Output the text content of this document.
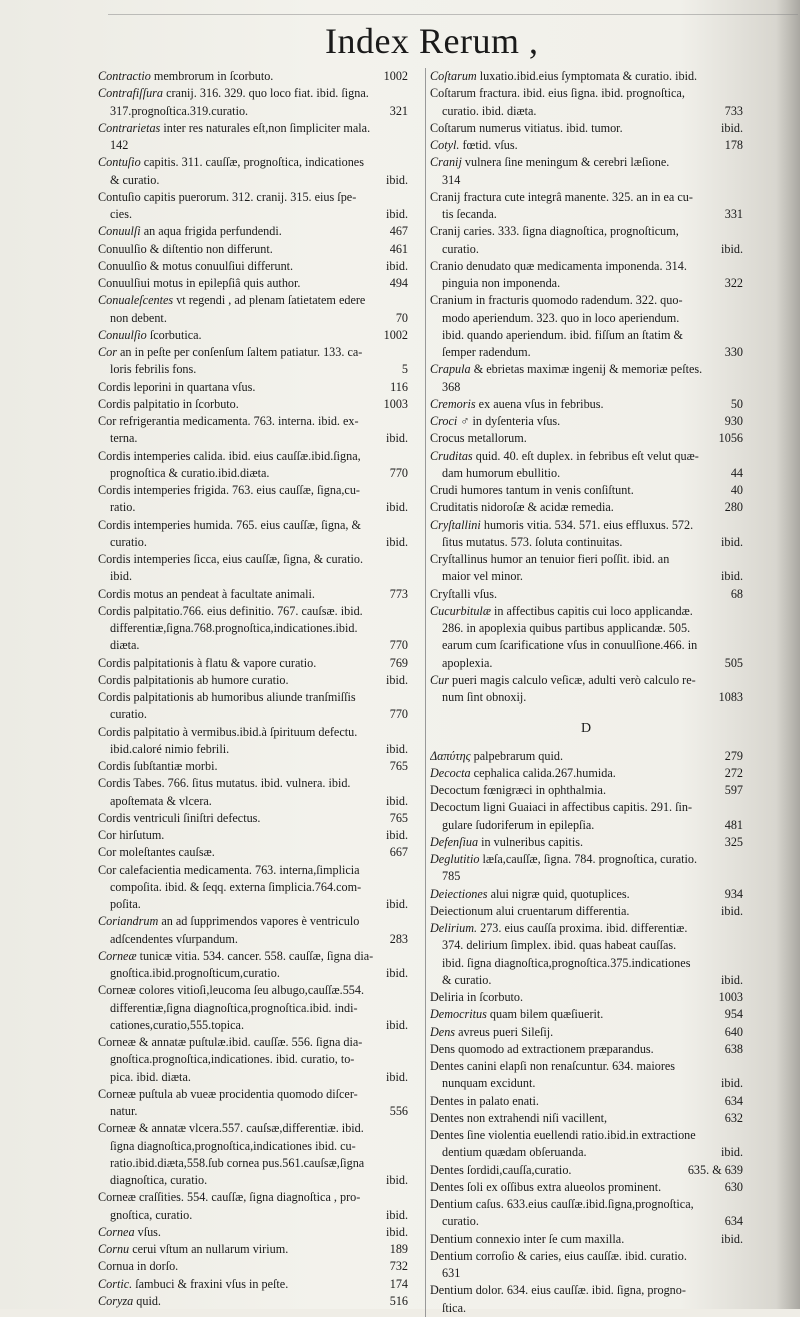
Index Rerum ,
1002
Contractio membrorum in ſcorbuto.
Contrafiſſura cranij. 316. 329. quo loco fiat. ibid. ſigna.
321
317.prognoſtica.319.curatio.
Contrarietas inter res naturales eſt,non ſimpliciter mala.
142
Contuſio capitis. 311. cauſſæ, prognoſtica, indicationes
ibid.
& curatio.
Contuſio capitis puerorum. 312. cranij. 315. eius ſpe-
ibid.
cies.
467
Conuulſi an aqua frigida perfundendi.
461
Conuulſio & diſtentio non differunt.
ibid.
Conuulſio & motus conuulſiui differunt.
494
Conuulſiui motus in epilepſiâ quis author.
Conualeſcentes vt regendi , ad plenam ſatietatem edere
70
non debent.
1002
Conuulſio ſcorbutica.
Cor an in peſte per conſenſum ſaltem patiatur. 133. ca-
5
loris febrilis fons.
116
Cordis leporini in quartana vſus.
1003
Cordis palpitatio in ſcorbuto.
Cor refrigerantia medicamenta. 763. interna. ibid. ex-
ibid.
terna.
Cordis intemperies calida. ibid. eius cauſſæ.ibid.ſigna,
770
prognoſtica & curatio.ibid.diæta.
Cordis intemperies frigida. 763. eius cauſſæ, ſigna,cu-
ibid.
ratio.
Cordis intemperies humida. 765. eius cauſſæ, ſigna, &
ibid.
curatio.
Cordis intemperies ſicca, eius cauſſæ, ſigna, & curatio.
ibid.
773
Cordis motus an pendeat à facultate animali.
Cordis palpitatio.766. eius definitio. 767. cauſsæ. ibid.
differentiæ,ſigna.768.prognoſtica,indicationes.ibid.
770
diæta.
769
Cordis palpitationis à flatu & vapore curatio.
ibid.
Cordis palpitationis ab humore curatio.
Cordis palpitationis ab humoribus aliunde tranſmiſſis
770
curatio.
Cordis palpitatio à vermibus.ibid.à ſpirituum defectu.
ibid.
ibid.caloré nimio febrili.
765
Cordis ſubſtantiæ morbi.
Cordis Tabes. 766. ſitus mutatus. ibid. vulnera. ibid.
ibid.
apoſtemata & vlcera.
765
Cordis ventriculi ſiniſtri defectus.
ibid.
Cor hirſutum.
667
Cor moleſtantes cauſsæ.
Cor calefacientia medicamenta. 763. interna,ſimplicia
compoſita. ibid. & ſeqq. externa ſimplicia.764.com-
ibid.
poſita.
Coriandrum an ad ſupprimendos vapores è ventriculo
283
adſcendentes vſurpandum.
Corneæ tunicæ vitia. 534. cancer. 558. cauſſæ, ſigna dia-
ibid.
gnoſtica.ibid.prognoſticum,curatio.
Corneæ colores vitioſi,leucoma ſeu albugo,cauſſæ.554.
differentiæ,ſigna diagnoſtica,prognoſtica.ibid. indi-
ibid.
cationes,curatio,555.topica.
Corneæ & annatæ puſtulæ.ibid. cauſſæ. 556. ſigna dia-
gnoſtica.prognoſtica,indicationes. ibid. curatio, to-
ibid.
pica. ibid. diæta.
Corneæ puſtula ab vueæ procidentia quomodo diſcer-
556
natur.
Corneæ & annatæ vlcera.557. cauſsæ,differentiæ. ibid.
ſigna diagnoſtica,prognoſtica,indicationes ibid. cu-
ratio.ibid.diæta,558.ſub cornea pus.561.cauſsæ,ſigna
ibid.
diagnoſtica, curatio.
Corneæ craſſities. 554. cauſſæ, ſigna diagnoſtica , pro-
ibid.
gnoſtica, curatio.
ibid.
Cornea vſus.
189
Cornu cerui vſtum an nullarum virium.
732
Cornua in dorſo.
174
Cortic. ſambuci & fraxini vſus in peſte.
516
Coryza quid.
Coſtarum luxatio.ibid.eius ſymptomata & curatio. ibid.
Coſtarum fractura. ibid. eius ſigna. ibid. prognoſtica,
733
curatio. ibid. diæta.
ibid.
Coſtarum numerus vitiatus. ibid. tumor.
178
Cotyl. fœtid. vſus.
Cranij vulnera ſine meningum & cerebri læſione.
314
Cranij fractura cute integrâ manente. 325. an in ea cu-
331
tis ſecanda.
Cranij caries. 333. ſigna diagnoſtica, prognoſticum,
ibid.
curatio.
Cranio denudato quæ medicamenta imponenda. 314.
322
pinguia non imponenda.
Cranium in fracturis quomodo radendum. 322. quo-
modo aperiendum. 323. quo in loco aperiendum.
ibid. quando aperiendum. ibid. fiſſum an ſtatim &
330
ſemper radendum.
Crapula & ebrietas maximæ ingenij & memoriæ peſtes.
368
50
Cremoris ex auena vſus in febribus.
930
Croci ♂ in dyſenteria vſus.
1056
Crocus metallorum.
Cruditas quid. 40. eſt duplex. in febribus eſt velut quæ-
44
dam humorum ebullitio.
40
Crudi humores tantum in venis conſiſtunt.
280
Cruditatis nidoroſæ & acidæ remedia.
Cryſtallini humoris vitia. 534. 571. eius effluxus. 572.
ibid.
ſitus mutatus. 573. ſoluta continuitas.
Cryſtallinus humor an tenuior fieri poſſit. ibid. an
ibid.
maior vel minor.
68
Cryſtalli vſus.
Cucurbitulæ in affectibus capitis cui loco applicandæ.
286. in apoplexia quibus partibus applicandæ. 505.
earum cum ſcarificatione vſus in conuulſione.466. in
505
apoplexia.
Cur pueri magis calculo veſicæ, adulti verò calculo re-
1083
num ſint obnoxij.
D
279
Δαπύτης palpebrarum quid.
272
Decocta cephalica calida.267.humida.
597
Decoctum fœnigræci in ophthalmia.
Decoctum ligni Guaiaci in affectibus capitis. 291. ſin-
481
gulare ſudoriferum in epilepſia.
325
Defenſiua in vulneribus capitis.
Deglutitio læſa,cauſſæ, ſigna. 784. prognoſtica, curatio.
785
934
Deiectiones alui nigræ quid, quotuplices.
ibid.
Deiectionum alui cruentarum differentia.
Delirium. 273. eius cauſſa proxima. ibid. differentiæ.
374. delirium ſimplex. ibid. quas habeat cauſſas.
ibid. ſigna diagnoſtica,prognoſtica.375.indicationes
ibid.
& curatio.
1003
Deliria in ſcorbuto.
954
Democritus quam bilem quæſiuerit.
640
Dens avreus pueri Sileſij.
638
Dens quomodo ad extractionem præparandus.
Dentes canini elapſi non renaſcuntur. 634. maiores
ibid.
nunquam excidunt.
634
Dentes in palato enati.
632
Dentes non extrahendi niſi vacillent,
Dentes ſine violentia euellendi ratio.ibid.in extractione
ibid.
dentium quædam obſeruanda.
635. & 639
Dentes ſordidi,cauſſa,curatio.
630
Dentes ſoli ex oſſibus extra alueolos prominent.
Dentium caſus. 633.eius cauſſæ.ibid.ſigna,prognoſtica,
634
curatio.
ibid.
Dentium connexio inter ſe cum maxilla.
Dentium corroſio & caries, eius cauſſæ. ibid. curatio.
631
Dentium dolor. 634. eius cauſſæ. ibid. ſigna, progno-
ſtica.
